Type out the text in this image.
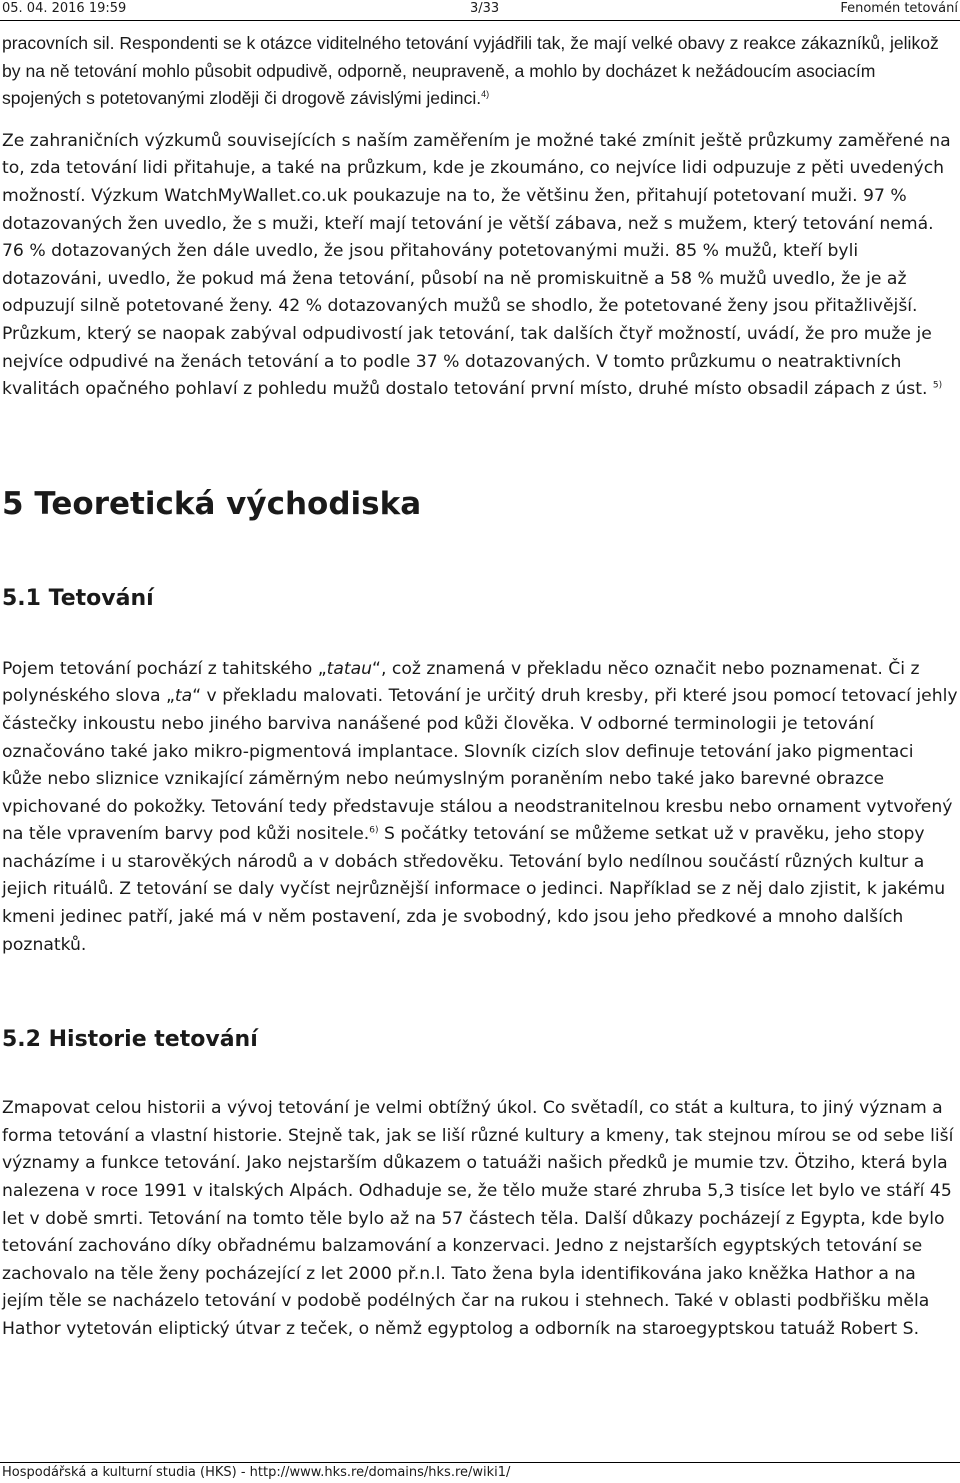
05. 04. 2016 19:59	3/33	Fenomén tetování

pracovních sil. Respondenti se k otázce viditelného tetování vyjádřili tak, že mají velké obavy z reakce zákazníků, jelikož by na ně tetování mohlo působit odpudivě, odporně, neupraveně, a mohlo by docházet k nežádoucím asociacím spojených s potetovanými zloději či drogově závislými jedinci.$^{4)}$

Ze zahraničních výzkumů souvisejících s naším zaměřením je možné také zmínit ještě průzkumy zaměřené na to, zda tetování lidi přitahuje, a také na průzkum, kde je zkoumáno, co nejvíce lidi odpuzuje z pěti uvedených možností. Výzkum WatchMyWallet.co.uk poukazuje na to, že většinu žen, přitahují potetovaní muži. 97 % dotazovaných žen uvedlo, že s muži, kteří mají tetování je větší zábava, než s mužem, který tetování nemá. 76 % dotazovaných žen dále uvedlo, že jsou přitahovány potetovanými muži. 85 % mužů, kteří byli dotazováni, uvedlo, že pokud má žena tetování, působí na ně promiskuitně a 58 % mužů uvedlo, že je až odpuzují silně potetované ženy. 42 % dotazovaných mužů se shodlo, že potetované ženy jsou přitažlivější. Průzkum, který se naopak zabýval odpudivostí jak tetování, tak dalších čtyř možností, uvádí, že pro muže je nejvíce odpudivé na ženách tetování a to podle 37 % dotazovaných. V tomto průzkumu o neatraktivních kvalitách opačného pohlaví z pohledu mužů dostalo tetování první místo, druhé místo obsadil zápach z úst. $^{5)}$

5 Teoretická východiska
5.1 Tetování

Pojem tetování pochází z tahitského „tatau“, což znamená v překladu něco označit nebo poznamenat. Či z polynéského slova „ta“ v překladu malovati. Tetování je určitý druh kresby, při které jsou pomocí tetovací jehly částečky inkoustu nebo jiného barviva nanášené pod kůži člověka. V odborné terminologii je tetování označováno také jako mikro-pigmentová implantace. Slovník cizích slov definuje tetování jako pigmentaci kůže nebo sliznice vznikající záměrným nebo neúmyslným poraněním nebo také jako barevné obrazce vpichované do pokožky. Tetování tedy představuje stálou a neodstranitelnou kresbu nebo ornament vytvořený na těle vpravením barvy pod kůži nositele.$^{6)}$ S počátky tetování se můžeme setkat už v pravěku, jeho stopy nacházíme i u starověkých národů a v dobách středověku. Tetování bylo nedílnou součástí různých kultur a jejich rituálů. Z tetování se daly vyčíst nejrůznější informace o jedinci. Například se z něj dalo zjistit, k jakému kmeni jedinec patří, jaké má v něm postavení, zda je svobodný, kdo jsou jeho předkové a mnoho dalších poznatků.

5.2 Historie tetování

Zmapovat celou historii a vývoj tetování je velmi obtížný úkol. Co světadíl, co stát a kultura, to jiný význam a forma tetování a vlastní historie. Stejně tak, jak se liší různé kultury a kmeny, tak stejnou mírou se od sebe liší významy a funkce tetování. Jako nejstarším důkazem o tatuáži našich předků je mumie tzv. Ötziho, která byla nalezena v roce 1991 v italských Alpách. Odhaduje se, že tělo muže staré zhruba 5,3 tisíce let bylo ve stáří 45 let v době smrti. Tetování na tomto těle bylo až na 57 částech těla. Další důkazy pocházejí z Egypta, kde bylo tetování zachováno díky obřadnému balzamování a konzervaci. Jedno z nejstarších egyptských tetování se zachovalo na těle ženy pocházející z let 2000 př.n.l. Tato žena byla identifikována jako kněžka Hathor a na jejím těle se nacházelo tetování v podobě podélných čar na rukou i stehnech. Také v oblasti podbřišku měla Hathor vytetován eliptický útvar z teček, o němž egyptolog a odborník na staroegyptskou tatuáž Robert S.

Hospodářská a kulturní studia (HKS) - http://www.hks.re/domains/hks.re/wiki1/
